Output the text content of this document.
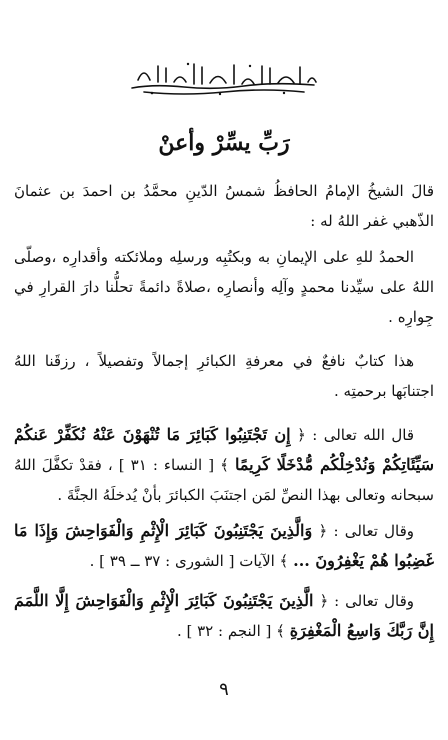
رَبِّ يسِّرْ وأعنْ
قالَ الشيخُ الإمامُ الحافظُ شمسُ الدّينِ محمَّدُ بن احمدَ بن عثمانَ الذّهبي غفر اللهُ له :
الحمدُ للهِ على الإيمانِ به وبكتُبِه ورسلِه وملائكته وأقدارِه ،وصلّى اللهُ على سيِّدنا محمدٍ وآلِه وأنصارِه ،صلاةً دائمةً تحلُّنا دارَ القرارِ في جِوارِه .
هذا كتابٌ نافعٌ في معرفةِ الكبائرِ إجمالاً وتفصيلاً ، رزقَنا اللهُ اجتنابَها برحمتِه .
قال الله تعالى : ﴿ إِن تَجْتَنِبُوا كَبَائِرَ مَا تُنْهَوْنَ عَنْهُ نُكَفِّرْ عَنكُمْ سَيِّئَاتِكُمْ وَنُدْخِلْكُم مُّدْخَلًا كَرِيمًا ﴾ [ النساء : ٣١ ] ، فقدْ تكفَّلَ اللهُ سبحانه وتعالى بهذا النصِّ لمَن اجتنَبَ الكبائرَ بأنْ يُدخلَهُ الجنَّةَ .
وقال تعالى : ﴿ وَالَّذِينَ يَجْتَنِبُونَ كَبَائِرَ الْإِثْمِ وَالْفَوَاحِشَ وَإِذَا مَا غَضِبُوا هُمْ يَغْفِرُونَ ... ﴾ الآيات [ الشورى : ٣٧ ــ ٣٩ ] .
وقال تعالى : ﴿ الَّذِينَ يَجْتَنِبُونَ كَبَائِرَ الْإِثْمِ وَالْفَوَاحِشَ إِلَّا اللَّمَمَ إِنَّ رَبَّكَ وَاسِعُ الْمَغْفِرَةِ ﴾ [ النجم : ٣٢ ] .
٩
